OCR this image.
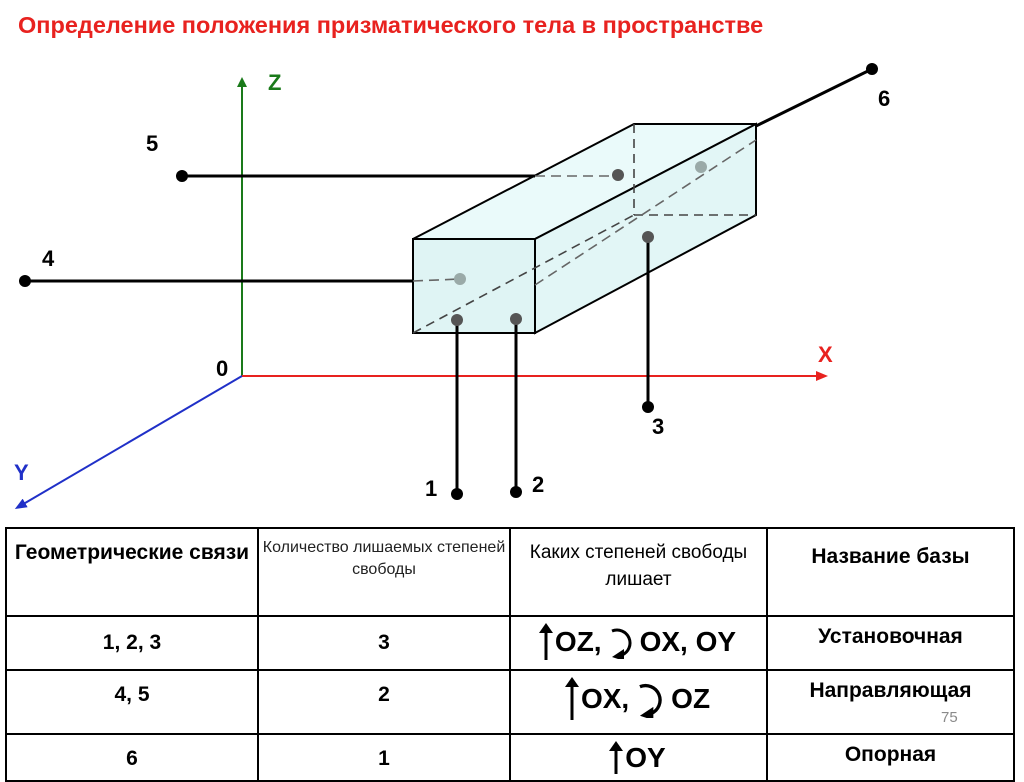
Определение положения призматического тела в пространстве
Z
X
Y
0
1	2
3
4
5
6
Геометрические связи	Количество лишаемых степеней свободы	Каких степеней свободы лишает	Название базы

1, 2, 3	3	OZ, OX, OY	Установочная

4, 5	2	OX, OZ	Направляющая

6	1	OY	Опорная
75
